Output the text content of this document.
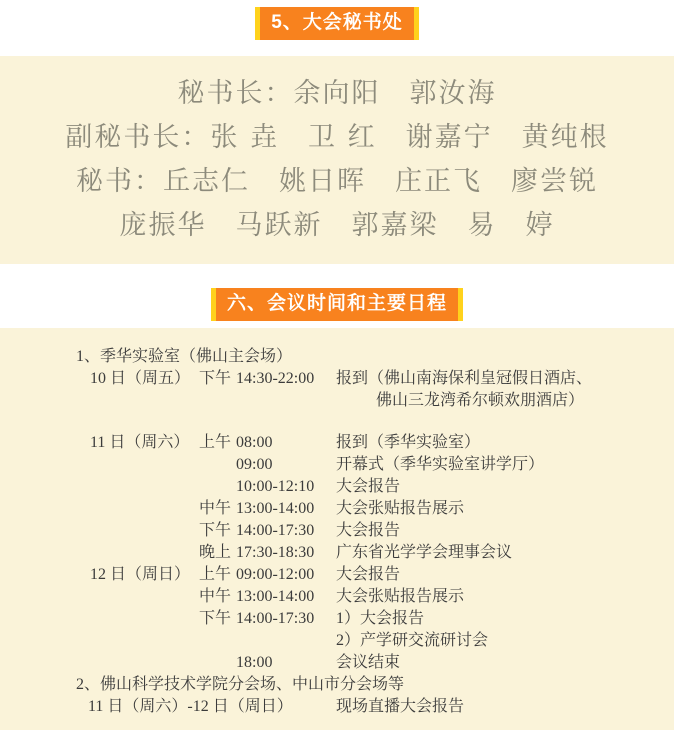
5、大会秘书处
秘书长：余向阳　郭汝海
副秘书长：张 垚　卫 红　谢嘉宁　黄纯根
秘书：丘志仁　姚日晖　庄正飞　廖尝锐
庞振华　马跃新　郭嘉梁　易　婷
六、会议时间和主要日程
1、季华实验室（佛山主会场）
10 日（周五） 下午 14:30-22:00	报到（佛山南海保利皇冠假日酒店、
佛山三龙湾希尔顿欢朋酒店）
11 日（周六） 上午 08:00	报到（季华实验室）
09:00	开幕式（季华实验室讲学厅）
10:00-12:10	大会报告
中午 13:00-14:00	大会张贴报告展示
下午 14:00-17:30	大会报告
晚上 17:30-18:30	广东省光学学会理事会议
12 日（周日） 上午 09:00-12:00	大会报告
中午 13:00-14:00	大会张贴报告展示
下午 14:00-17:30	1）大会报告
2）产学研交流研讨会
18:00	会议结束
2、佛山科学技术学院分会场、中山市分会场等
11 日（周六）-12 日（周日）	现场直播大会报告
